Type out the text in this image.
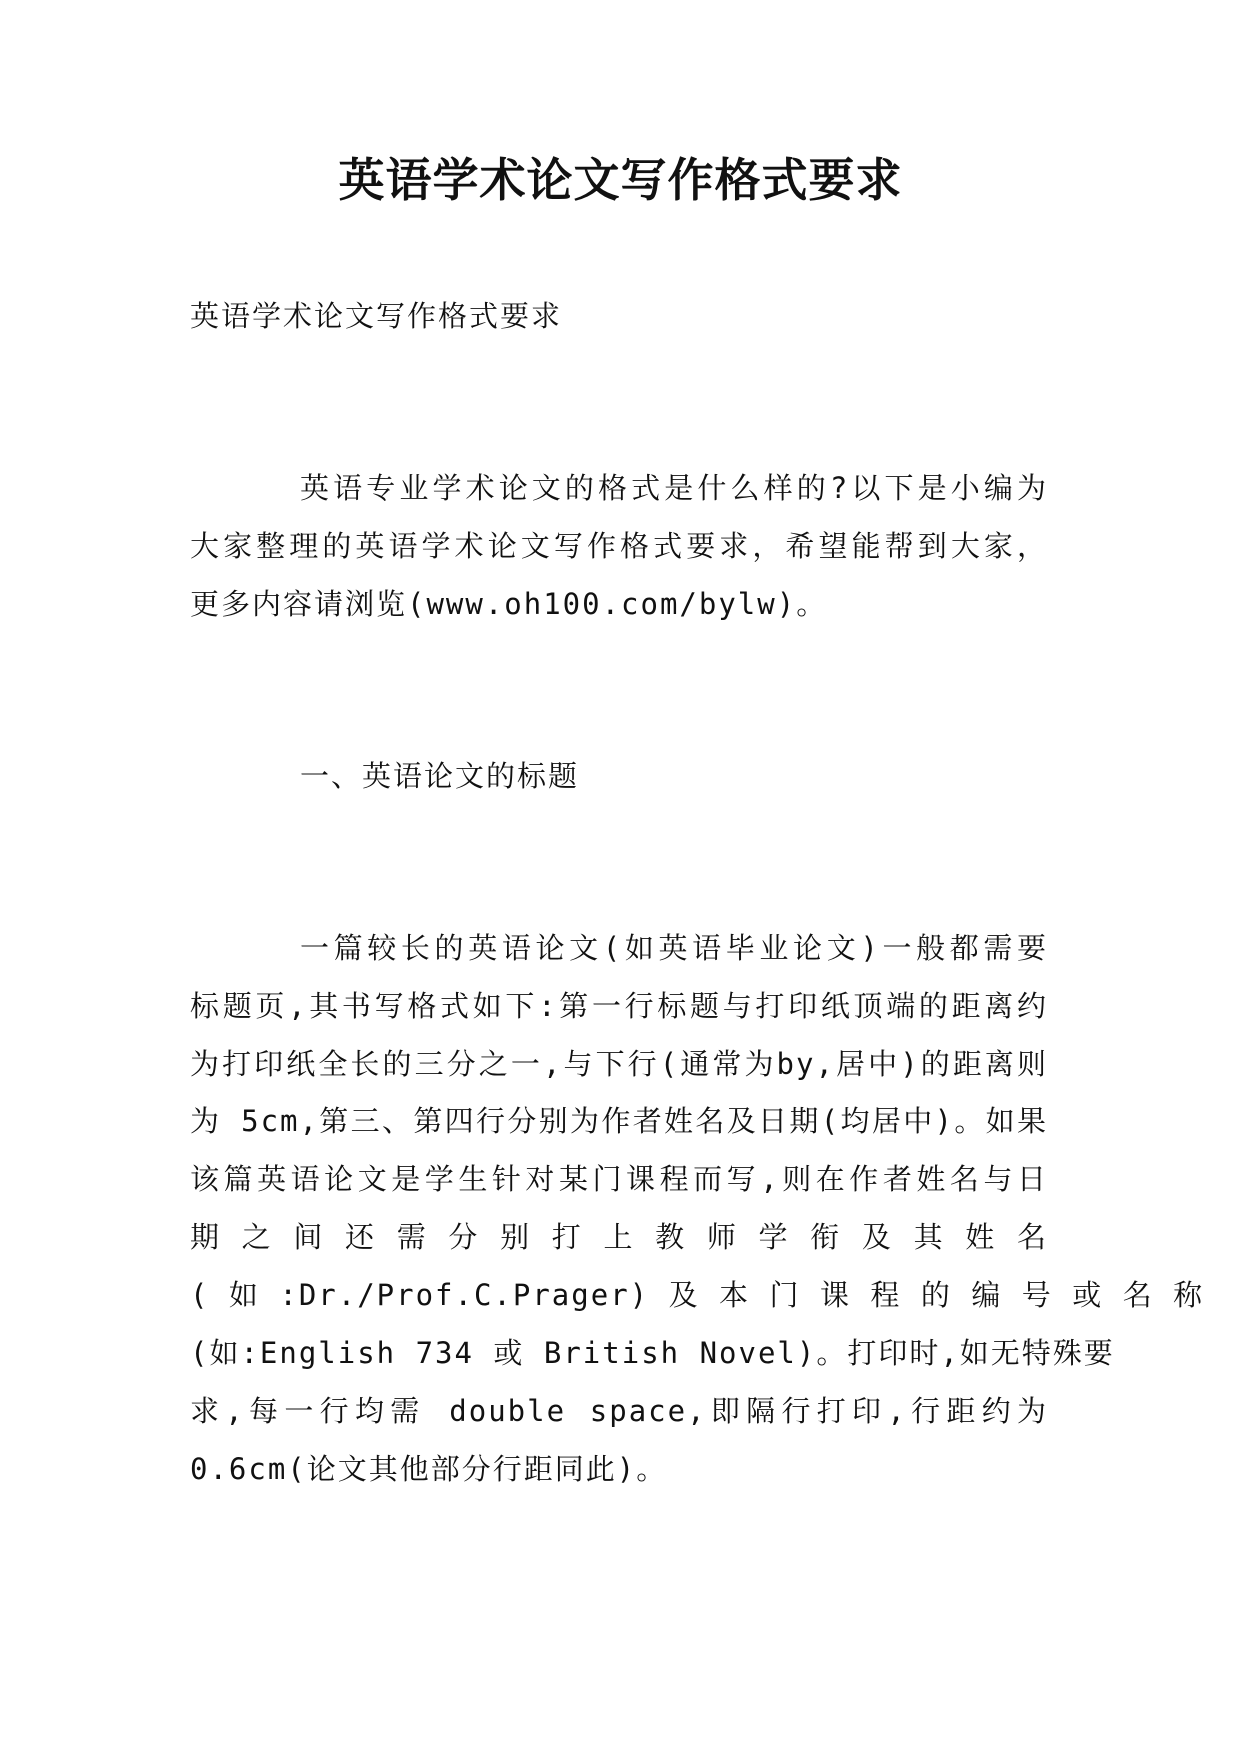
英语学术论文写作格式要求
英语学术论文写作格式要求
英语专业学术论文的格式是什么样的?以下是小编为
大家整理的英语学术论文写作格式要求，希望能帮到大家，
更多内容请浏览(www.oh100.com/bylw)。
一、英语论文的标题
一篇较长的英语论文(如英语毕业论文)一般都需要
标题页,其书写格式如下:第一行标题与打印纸顶端的距离约
为打印纸全长的三分之一,与下行(通常为by,居中)的距离则
为 5cm,第三、第四行分别为作者姓名及日期(均居中)。如果
该篇英语论文是学生针对某门课程而写,则在作者姓名与日
期 之 间 还 需 分 别 打 上 教 师 学 衔 及 其 姓 名
( 如 :Dr./Prof.C.Prager) 及 本 门 课 程 的 编 号 或 名 称
(如:English 734 或 British Novel)。打印时,如无特殊要
求,每一行均需 double space,即隔行打印,行距约为
0.6cm(论文其他部分行距同此)。
